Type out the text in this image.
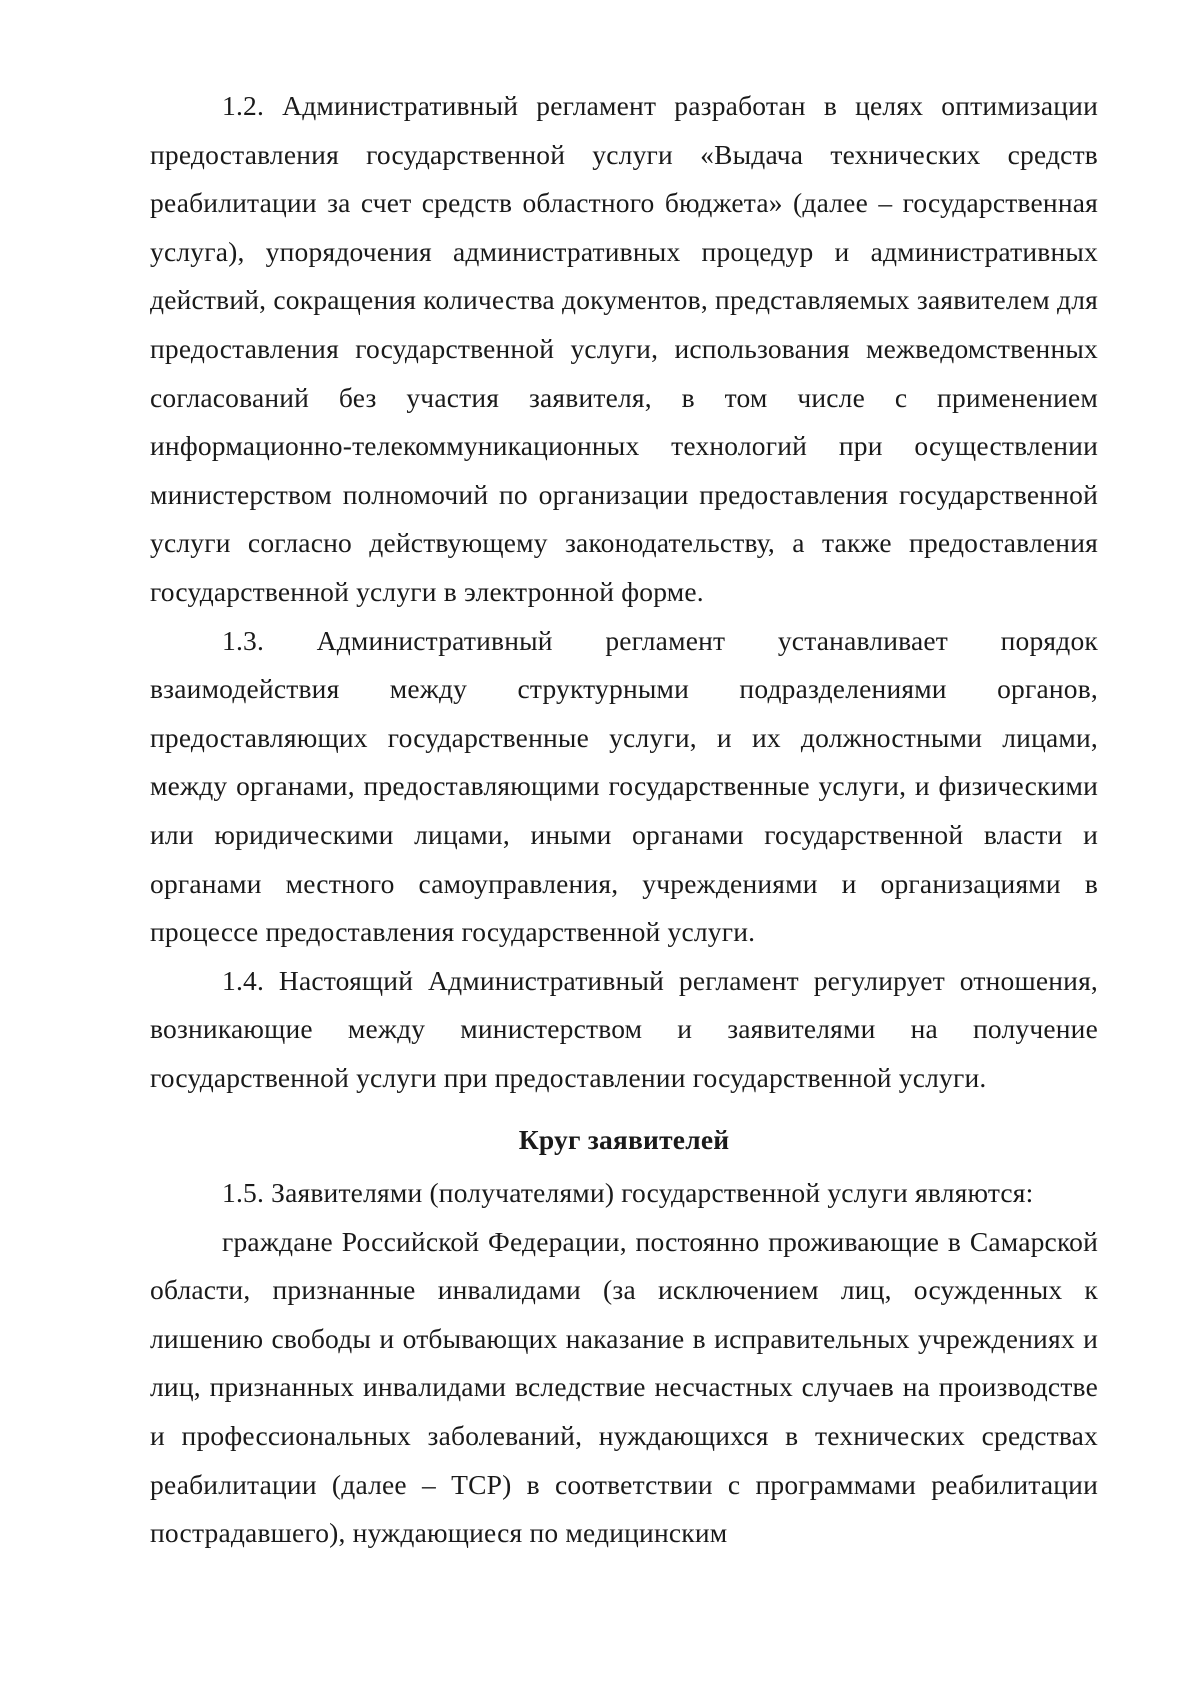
1.2. Административный регламент разработан в целях оптимизации предоставления государственной услуги «Выдача технических средств реабилитации за счет средств областного бюджета» (далее – государственная услуга), упорядочения административных процедур и административных действий, сокращения количества документов, представляемых заявителем для предоставления государственной услуги, использования межведомственных согласований без участия заявителя, в том числе с применением информационно-телекоммуникационных технологий при осуществлении министерством полномочий по организации предоставления государственной услуги согласно действующему законодательству, а также предоставления государственной услуги в электронной форме.

1.3. Административный регламент устанавливает порядок взаимодействия между структурными подразделениями органов, предоставляющих государственные услуги, и их должностными лицами, между органами, предоставляющими государственные услуги, и физическими или юридическими лицами, иными органами государственной власти и органами местного самоуправления, учреждениями и организациями в процессе предоставления государственной услуги.

1.4. Настоящий Административный регламент регулирует отношения, возникающие между министерством и заявителями на получение государственной услуги при предоставлении государственной услуги.

Круг заявителей

1.5. Заявителями (получателями) государственной услуги являются:

граждане Российской Федерации, постоянно проживающие в Самарской области, признанные инвалидами (за исключением лиц, осужденных к лишению свободы и отбывающих наказание в исправительных учреждениях и лиц, признанных инвалидами вследствие несчастных случаев на производстве и профессиональных заболеваний, нуждающихся в технических средствах реабилитации (далее – ТСР) в соответствии с программами реабилитации пострадавшего), нуждающиеся по медицинским
